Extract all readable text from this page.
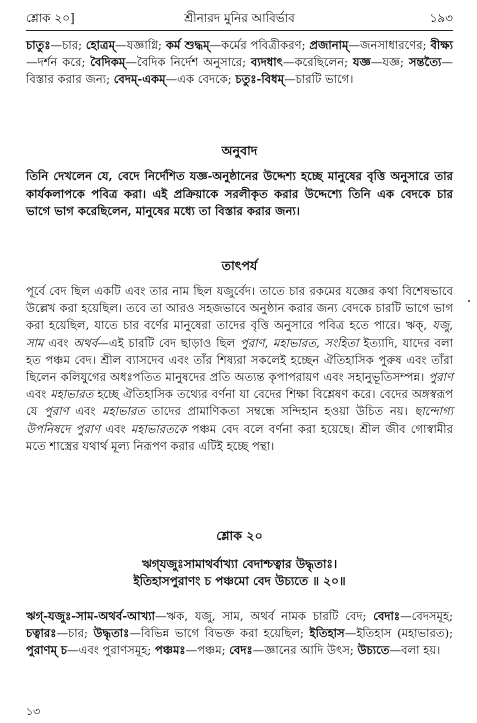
শ্লোক ২০]	শ্রীনারদ মুনির আবির্ভাব	১৯৩

চাতুঃ—চার; হোত্রম্—যজ্ঞাগ্নি; কর্ম শুদ্ধম্—কর্মের পবিত্রীকরণ; প্রজানাম্—জনসাধারণের; বীক্ষ্য—দর্শন করে; বৈদিকম্—বৈদিক নির্দেশ অনুসারে; ব্যদধাৎ—করেছিলেন; যজ্ঞ—যজ্ঞ; সন্তত্যৈ—বিস্তার করার জন্য; বেদম্-একম্—এক বেদকে; চতুঃ-বিধম্—চারটি ভাগে।

অনুবাদ

তিনি দেখলেন যে, বেদে নির্দেশিত যজ্ঞ-অনুষ্ঠানের উদ্দেশ্য হচ্ছে মানুষের বৃত্তি অনুসারে তার কার্যকলাপকে পবিত্র করা। এই প্রক্রিয়াকে সরলীকৃত করার উদ্দেশ্যে তিনি এক বেদকে চার ভাগে ভাগ করেছিলেন, মানুষের মধ্যে তা বিস্তার করার জন্য।

তাৎপর্য

পূর্বে বেদ ছিল একটি এবং তার নাম ছিল যজুর্বেদ। তাতে চার রকমের যজ্ঞের কথা বিশেষভাবে উল্লেখ করা হয়েছিল। তবে তা আরও সহজভাবে অনুষ্ঠান করার জন্য বেদকে চারটি ভাগে ভাগ করা হয়েছিল, যাতে চার বর্ণের মানুষেরা তাদের বৃত্তি অনুসারে পবিত্র হতে পারে। ঋক্, যজু, সাম এবং অথর্ব—এই চারটি বেদ ছাড়াও ছিল পুরাণ, মহাভারত, সংহিতা ইত্যাদি, যাদের বলা হত পঞ্চম বেদ। শ্রীল ব্যাসদেব এবং তাঁর শিষ্যরা সকলেই হচ্ছেন ঐতিহাসিক পুরুষ এবং তাঁরা ছিলেন কলিযুগের অধঃপতিত মানুষদের প্রতি অত্যন্ত কৃপাপরায়ণ এবং সহানুভূতিসম্পন্ন। পুরাণ এবং মহাভারত হচ্ছে ঐতিহাসিক তথ্যের বর্ণনা যা বেদের শিক্ষা বিশ্লেষণ করে। বেদের অঙ্গস্বরূপ যে পুরাণ এবং মহাভারত তাদের প্রামাণিকতা সম্বন্ধে সন্দিহান হওয়া উচিত নয়। ছান্দোগ্য উপনিষদে পুরাণ এবং মহাভারতকে পঞ্চম বেদ বলে বর্ণনা করা হয়েছে। শ্রীল জীব গোস্বামীর মতে শাস্ত্রের যথার্থ মূল্য নিরূপণ করার এটিই হচ্ছে পন্থা।

শ্লোক ২০
ঋগ্‌যজুঃসামাথর্বাখ্যা বেদাশ্চত্বার উদ্ধৃতাঃ।
ইতিহাসপুরাণং চ পঞ্চমো বেদ উচ্যতে ॥ ২০॥

ঋগ্-যজুঃ-সাম-অথর্ব-আখ্যা—ঋক, যজু, সাম, অথর্ব নামক চারটি বেদ; বেদাঃ—বেদসমূহ; চত্বারঃ—চার; উদ্ধৃতাঃ—বিভিন্ন ভাগে বিভক্ত করা হয়েছিল; ইতিহাস—ইতিহাস (মহাভারত); পুরাণম্ চ—এবং পুরাণসমূহ; পঞ্চমঃ—পঞ্চম; বেদঃ—জ্ঞানের আদি উৎস; উচ্যতে—বলা হয়।

১৩
